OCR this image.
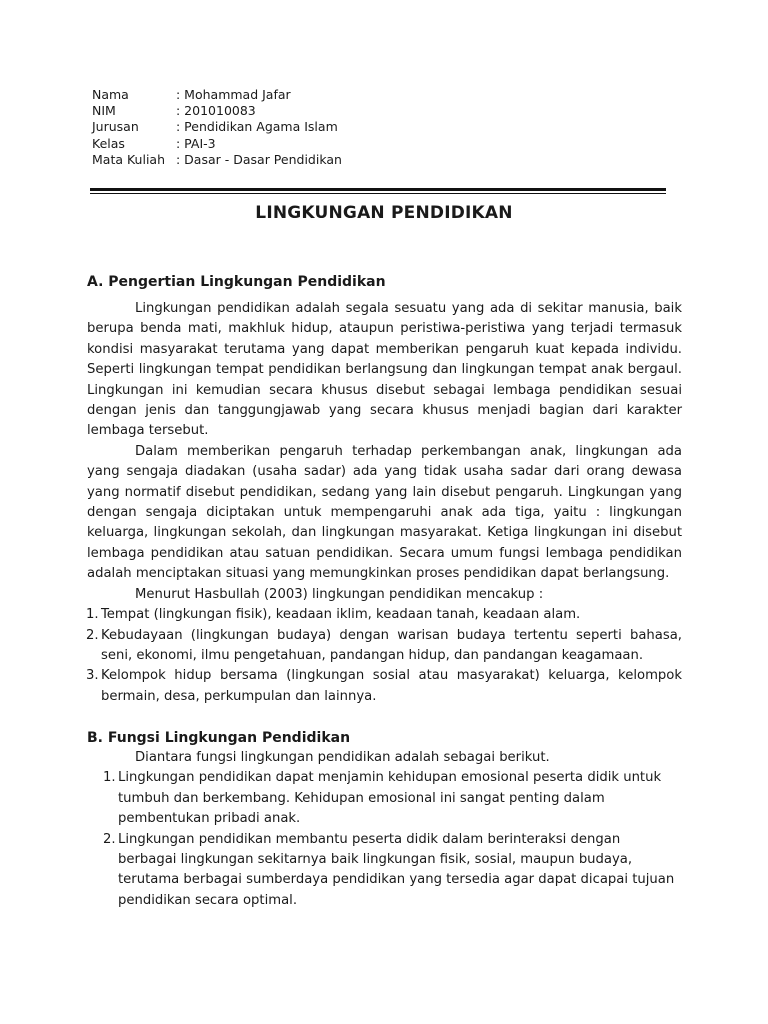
Nama	: Mohammad Jafar
NIM	: 201010083
Jurusan	: Pendidikan Agama Islam
Kelas	: PAI-3
Mata Kuliah : Dasar - Dasar Pendidikan
LINGKUNGAN PENDIDIKAN
A. Pengertian Lingkungan Pendidikan

Lingkungan pendidikan adalah segala sesuatu yang ada di sekitar manusia, baik berupa benda mati, makhluk hidup, ataupun peristiwa-peristiwa yang terjadi termasuk kondisi masyarakat terutama yang dapat memberikan pengaruh kuat kepada individu. Seperti lingkungan tempat pendidikan berlangsung dan lingkungan tempat anak bergaul. Lingkungan ini kemudian secara khusus disebut sebagai lembaga pendidikan sesuai dengan jenis dan tanggungjawab yang secara khusus menjadi bagian dari karakter lembaga tersebut.

Dalam memberikan pengaruh terhadap perkembangan anak, lingkungan ada yang sengaja diadakan (usaha sadar) ada yang tidak usaha sadar dari orang dewasa yang normatif disebut pendidikan, sedang yang lain disebut pengaruh. Lingkungan yang dengan sengaja diciptakan untuk mempengaruhi anak ada tiga, yaitu : lingkungan keluarga, lingkungan sekolah, dan lingkungan masyarakat. Ketiga lingkungan ini disebut lembaga pendidikan atau satuan pendidikan. Secara umum fungsi lembaga pendidikan adalah menciptakan situasi yang memungkinkan proses pendidikan dapat berlangsung.

Menurut Hasbullah (2003) lingkungan pendidikan mencakup :

1. Tempat (lingkungan fisik), keadaan iklim, keadaan tanah, keadaan alam.
2. Kebudayaan (lingkungan budaya) dengan warisan budaya tertentu seperti bahasa, seni, ekonomi, ilmu pengetahuan, pandangan hidup, dan pandangan keagamaan.
3. Kelompok hidup bersama (lingkungan sosial atau masyarakat) keluarga, kelompok bermain, desa, perkumpulan dan lainnya.
B. Fungsi Lingkungan Pendidikan

Diantara fungsi lingkungan pendidikan adalah sebagai berikut.

1. Lingkungan pendidikan dapat menjamin kehidupan emosional peserta didik untuk tumbuh dan berkembang. Kehidupan emosional ini sangat penting dalam pembentukan pribadi anak.
2. Lingkungan pendidikan membantu peserta didik dalam berinteraksi dengan berbagai lingkungan sekitarnya baik lingkungan fisik, sosial, maupun budaya, terutama berbagai sumberdaya pendidikan yang tersedia agar dapat dicapai tujuan pendidikan secara optimal.
